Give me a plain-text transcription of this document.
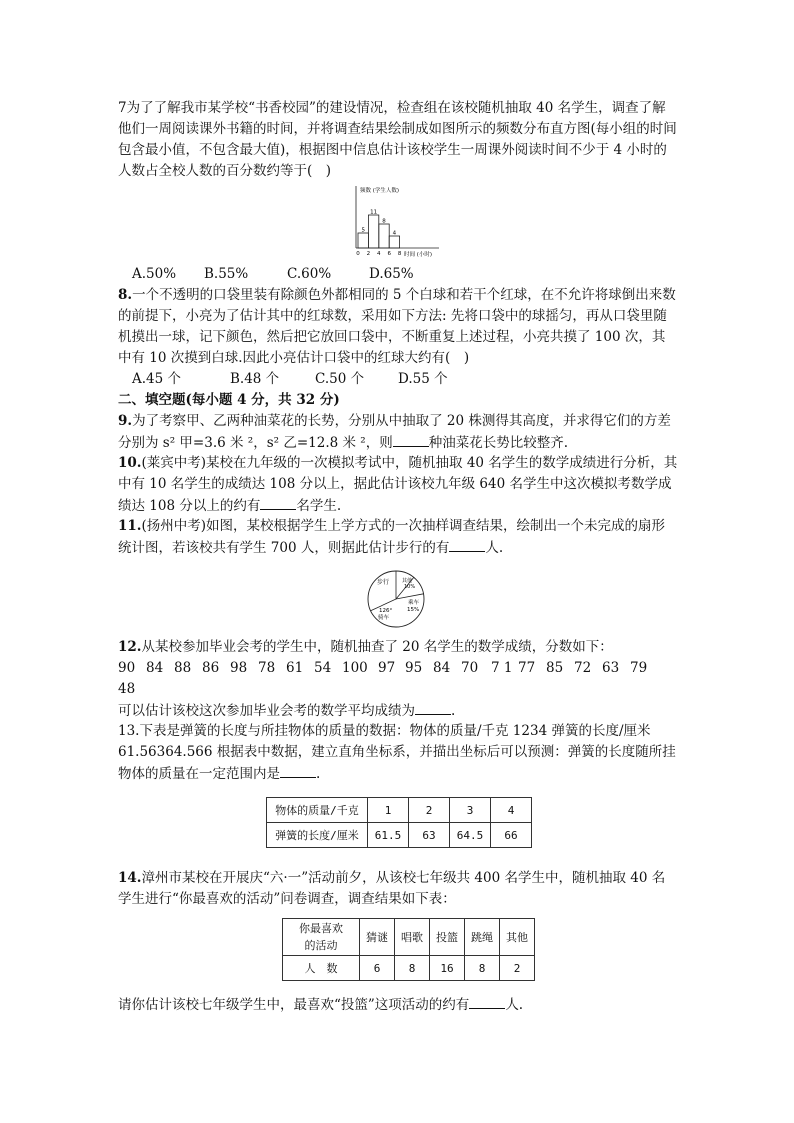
7为了了解我市某学校“书香校园”的建设情况，检查组在该校随机抽取 40 名学生，调查了解他们一周阅读课外书籍的时间，并将调查结果绘制成如图所示的频数分布直方图(每小组的时间包含最小值，不包含最大值)，根据图中信息估计该校学生一周课外阅读时间不少于 4 小时的人数占全校人数的百分数约等于(　)

5
11
8
4
0 2 4 6 8
频数 (学生人数)
时间 (小时)
A.50% B.55%	C.60%	D.65%

8.一个不透明的口袋里装有除颜色外都相同的 5 个白球和若干个红球，在不允许将球倒出来数的前提下，小亮为了估计其中的红球数，采用如下方法: 先将口袋中的球摇匀，再从口袋里随机摸出一球，记下颜色，然后把它放回口袋中，不断重复上述过程，小亮共摸了 100 次，其中有 10 次摸到白球.因此小亮估计口袋中的红球大约有(　)

A.45 个	B.48 个	C.50 个	D.55 个

二、填空题(每小题 4 分，共 32 分)

9.为了考察甲、乙两种油菜花的长势，分别从中抽取了 20 株测得其高度，并求得它们的方差分别为 s² 甲=3.6 米 ²，s² 乙=12.8 米 ²，则	种油菜花长势比较整齐.

10.(莱宾中考)某校在九年级的一次模拟考试中，随机抽取 40 名学生的数学成绩进行分析，其中有 10 名学生的成绩达 108 分以上，据此估计该校九年级 640 名学生中这次模拟考数学成绩达 108 分以上的约有	名学生.

11.(扬州中考)如图，某校根据学生上学方式的一次抽样调查结果，绘制出一个未完成的扇形统计图，若该校共有学生 700 人，则据此估计步行的有	人.

步行	其他
10%
乘车
15%
126°
骑车

12.从某校参加毕业会考的学生中，随机抽查了 20 名学生的数学成绩，分数如下：

90 84 88 86 98 78 61 54 100 97 95 84 70 7 1 77 85 72 63 79

48

可以估计该校这次参加毕业会考的数学平均成绩为	.

13.下表是弹簧的长度与所挂物体的质量的数据：物体的质量/千克 1234 弹簧的长度/厘米 61.56364.566 根据表中数据，建立直角坐标系，并描出坐标后可以预测：弹簧的长度随所挂物体的质量在一定范围内是	.

物体的质量/千克	1	2	3	4
弹簧的长度/厘米	61.5	63	64.5	66

14.漳州市某校在开展庆“六·一”活动前夕，从该校七年级共 400 名学生中，随机抽取 40 名学生进行“你最喜欢的活动”问卷调查，调查结果如下表：

你最喜欢
的活动	猜谜	唱歌	投篮	跳绳	其他
人　数	6	8	16	8	2

请你估计该校七年级学生中，最喜欢“投篮”这项活动的约有	人.
